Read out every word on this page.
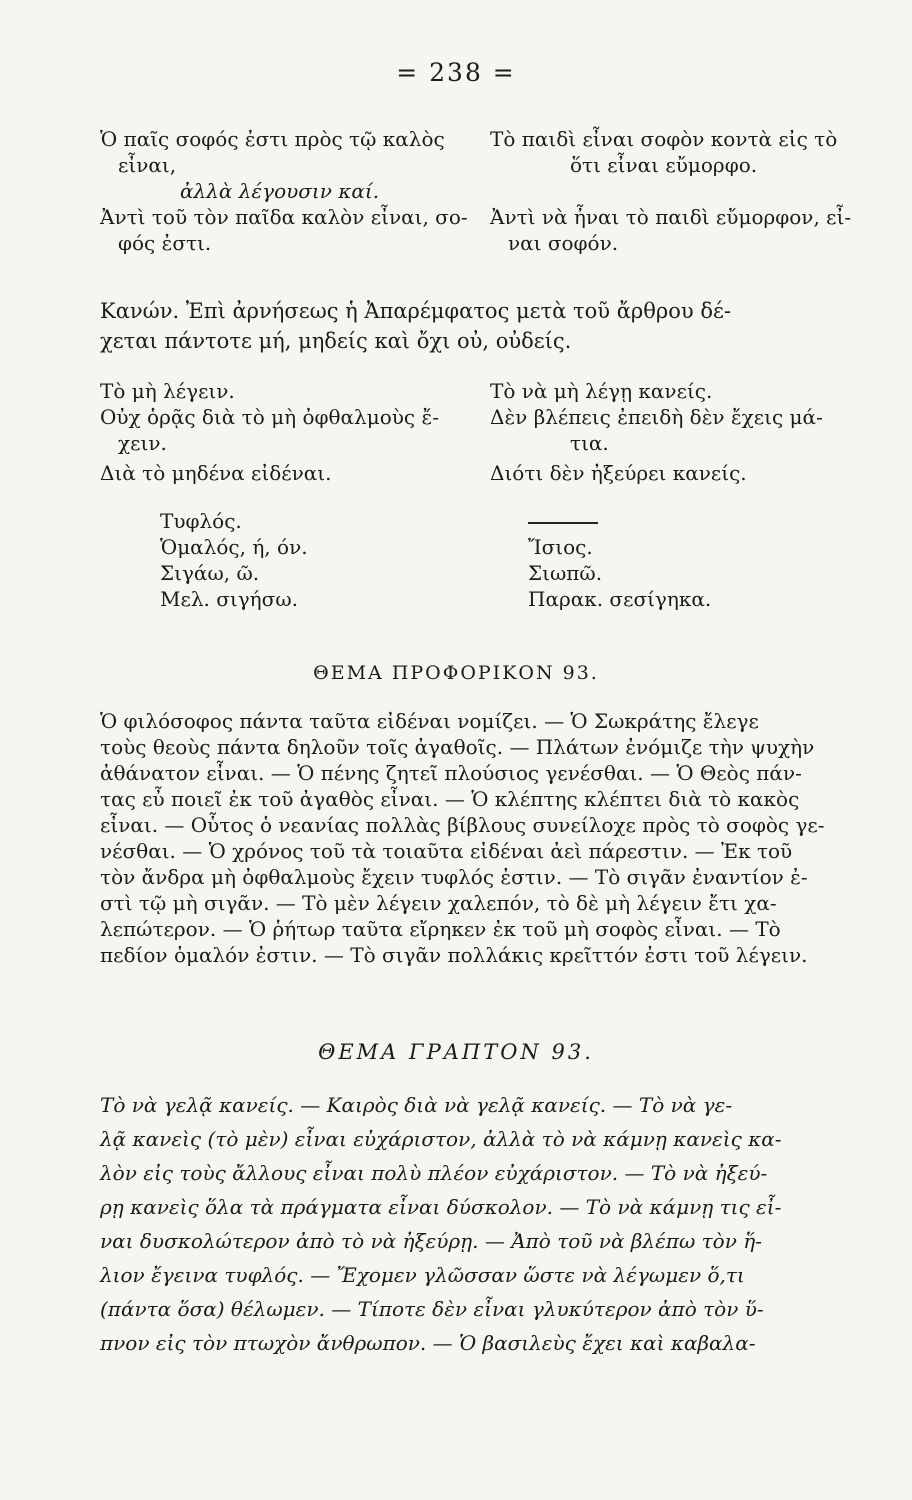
= 238 =
Ὁ παῖς σοφός ἐστι πρὸς τῷ καλὸς
εἶναι,
ἀλλὰ λέγουσιν καί.
Ἀντὶ τοῦ τὸν παῖδα καλὸν εἶναι, σο-
φός ἐστι.
Τὸ παιδὶ εἶναι σοφὸν κοντὰ εἰς τὸ
ὅτι εἶναι εὔμορφο.

Ἀντὶ νὰ ἦναι τὸ παιδὶ εὔμορφον, εἶ-
ναι σοφόν.
Κανών. Ἐπὶ ἀρνήσεως ἡ Ἀπαρέμφατος μετὰ τοῦ ἄρθρου δέ-
χεται πάντοτε μή, μηδείς καὶ ὄχι οὐ, οὐδείς.
Τὸ μὴ λέγειν.
Οὐχ ὁρᾷς διὰ τὸ μὴ ὀφθαλμοὺς ἔ-
χειν.
Διὰ τὸ μηδένα εἰδέναι.
Τὸ νὰ μὴ λέγῃ κανείς.
Δὲν βλέπεις ἐπειδὴ δὲν ἔχεις μά-
τια.
Διότι δὲν ἠξεύρει κανείς.
Τυφλός.
Ὁμαλός, ή, όν.
Σιγάω, ῶ.
Μελ. σιγήσω.
Ἴσιος.
Σιωπῶ.
Παρακ. σεσίγηκα.
ΘΕΜΑ ΠΡΟΦΟΡΙΚΟΝ 93.
Ὁ φιλόσοφος πάντα ταῦτα εἰδέναι νομίζει. — Ὁ Σωκράτης ἔλεγε
τοὺς θεοὺς πάντα δηλοῦν τοῖς ἀγαθοῖς. — Πλάτων ἐνόμιζε τὴν ψυχὴν
ἀθάνατον εἶναι. — Ὁ πένης ζητεῖ πλούσιος γενέσθαι. — Ὁ Θεὸς πάν-
τας εὖ ποιεῖ ἐκ τοῦ ἀγαθὸς εἶναι. — Ὁ κλέπτης κλέπτει διὰ τὸ κακὸς
εἶναι. — Οὗτος ὁ νεανίας πολλὰς βίβλους συνείλοχε πρὸς τὸ σοφὸς γε-
νέσθαι. — Ὁ χρόνος τοῦ τὰ τοιαῦτα εἰδέναι ἀεὶ πάρεστιν. — Ἐκ τοῦ
τὸν ἄνδρα μὴ ὀφθαλμοὺς ἔχειν τυφλός ἐστιν. — Τὸ σιγᾶν ἐναντίον ἐ-
στὶ τῷ μὴ σιγᾶν. — Τὸ μὲν λέγειν χαλεπόν, τὸ δὲ μὴ λέγειν ἔτι χα-
λεπώτερον. — Ὁ ῥήτωρ ταῦτα εἴρηκεν ἐκ τοῦ μὴ σοφὸς εἶναι. — Τὸ
πεδίον ὁμαλόν ἐστιν. — Τὸ σιγᾶν πολλάκις κρεῖττόν ἐστι τοῦ λέγειν.
ΘΕΜΑ ΓΡΑΠΤΟΝ 93.
Τὸ νὰ γελᾷ κανείς. — Καιρὸς διὰ νὰ γελᾷ κανείς. — Τὸ νὰ γε-
λᾷ κανεὶς (τὸ μὲν) εἶναι εὐχάριστον, ἀλλὰ τὸ νὰ κάμνῃ κανεὶς κα-
λὸν εἰς τοὺς ἄλλους εἶναι πολὺ πλέον εὐχάριστον. — Τὸ νὰ ἠξεύ-
ρῃ κανεὶς ὅλα τὰ πράγματα εἶναι δύσκολον. — Τὸ νὰ κάμνῃ τις εἶ-
ναι δυσκολώτερον ἀπὸ τὸ νὰ ἠξεύρῃ. — Ἀπὸ τοῦ νὰ βλέπω τὸν ἥ-
λιον ἔγεινα τυφλός. — Ἔχομεν γλῶσσαν ὥστε νὰ λέγωμεν ὅ,τι
(πάντα ὅσα) θέλωμεν. — Τίποτε δὲν εἶναι γλυκύτερον ἀπὸ τὸν ὕ-
πνον εἰς τὸν πτωχὸν ἄνθρωπον. — Ὁ βασιλεὺς ἔχει καὶ καβαλα-
